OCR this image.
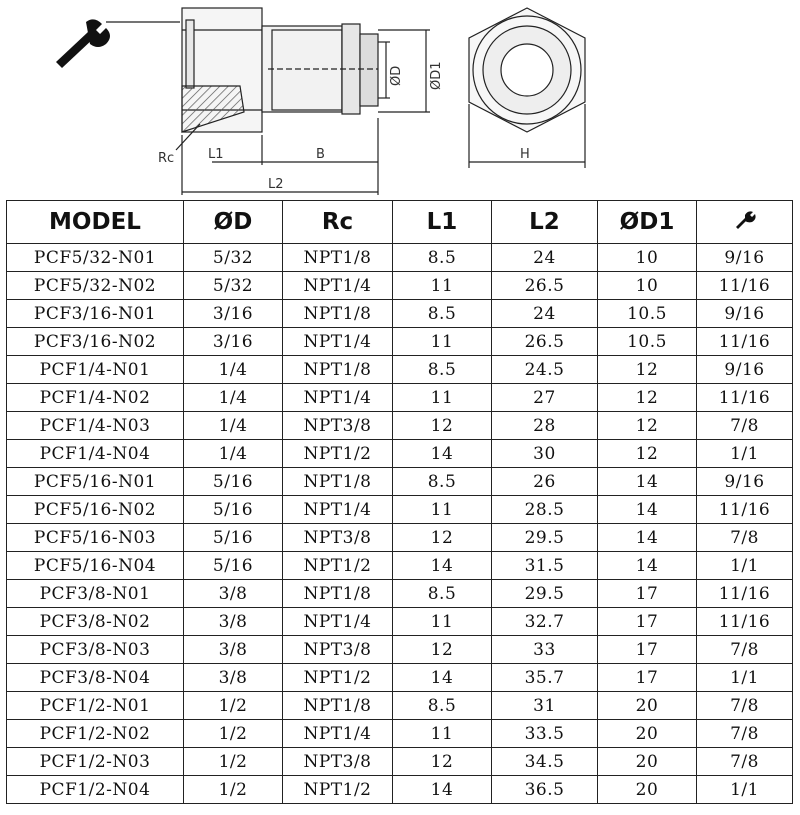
Rc	L1	B
L2
ØD ØD1
H
MODEL	ØD	Rc	L1	L2	ØD1	
PCF5/32-N01	5/32	NPT1/8	8.5	24	10	9/16
PCF5/32-N02	5/32	NPT1/4	11	26.5	10	11/16
PCF3/16-N01	3/16	NPT1/8	8.5	24	10.5	9/16
PCF3/16-N02	3/16	NPT1/4	11	26.5	10.5	11/16
PCF1/4-N01	1/4	NPT1/8	8.5	24.5	12	9/16
PCF1/4-N02	1/4	NPT1/4	11	27	12	11/16
PCF1/4-N03	1/4	NPT3/8	12	28	12	7/8
PCF1/4-N04	1/4	NPT1/2	14	30	12	1/1
PCF5/16-N01	5/16	NPT1/8	8.5	26	14	9/16
PCF5/16-N02	5/16	NPT1/4	11	28.5	14	11/16
PCF5/16-N03	5/16	NPT3/8	12	29.5	14	7/8
PCF5/16-N04	5/16	NPT1/2	14	31.5	14	1/1
PCF3/8-N01	3/8	NPT1/8	8.5	29.5	17	11/16
PCF3/8-N02	3/8	NPT1/4	11	32.7	17	11/16
PCF3/8-N03	3/8	NPT3/8	12	33	17	7/8
PCF3/8-N04	3/8	NPT1/2	14	35.7	17	1/1
PCF1/2-N01	1/2	NPT1/8	8.5	31	20	7/8
PCF1/2-N02	1/2	NPT1/4	11	33.5	20	7/8
PCF1/2-N03	1/2	NPT3/8	12	34.5	20	7/8
PCF1/2-N04	1/2	NPT1/2	14	36.5	20	1/1
